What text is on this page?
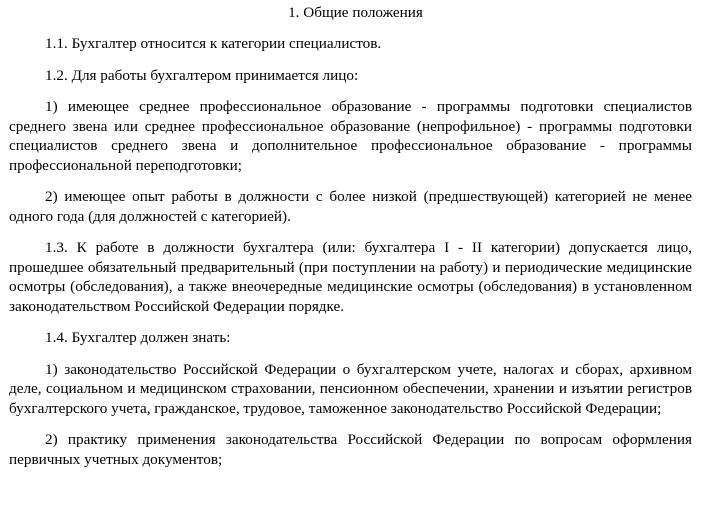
1. Общие положения

1.1. Бухгалтер относится к категории специалистов.

1.2. Для работы бухгалтером принимается лицо:

1) имеющее среднее профессиональное образование - программы подготовки специалистов среднего звена или среднее профессиональное образование (непрофильное) - программы подготовки специалистов среднего звена и дополнительное профессиональное образование - программы профессиональной переподготовки;

2) имеющее опыт работы в должности с более низкой (предшествующей) категорией не менее одного года (для должностей с категорией).

1.3. К работе в должности бухгалтера (или: бухгалтера I - II категории) допускается лицо, прошедшее обязательный предварительный (при поступлении на работу) и периодические медицинские осмотры (обследования), а также внеочередные медицинские осмотры (обследования) в установленном законодательством Российской Федерации порядке.

1.4. Бухгалтер должен знать:

1) законодательство Российской Федерации о бухгалтерском учете, налогах и сборах, архивном деле, социальном и медицинском страховании, пенсионном обеспечении, хранении и изъятии регистров бухгалтерского учета, гражданское, трудовое, таможенное законодательство Российской Федерации;

2) практику применения законодательства Российской Федерации по вопросам оформления первичных учетных документов;
